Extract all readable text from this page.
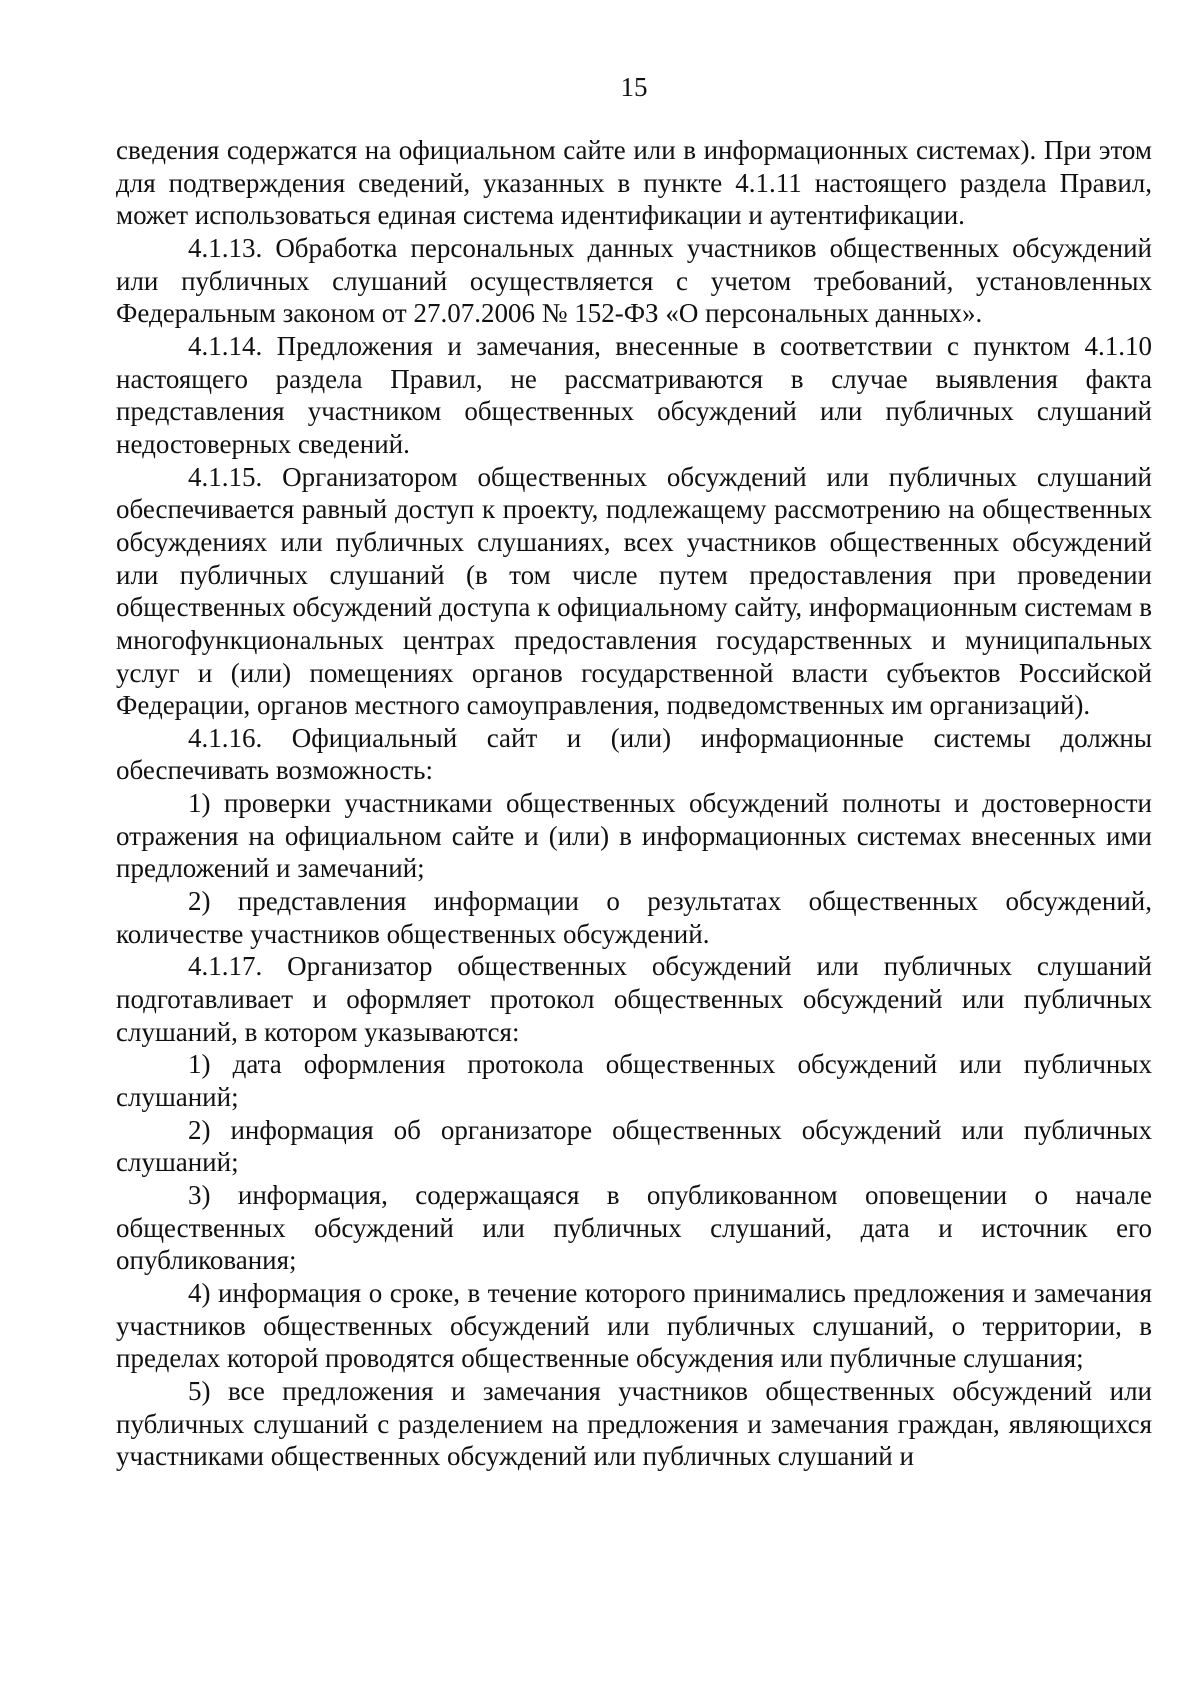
15

сведения содержатся на официальном сайте или в информационных системах). При этом для подтверждения сведений, указанных в пункте 4.1.11 настоящего раздела Правил, может использоваться единая система идентификации и аутентификации.

4.1.13. Обработка персональных данных участников общественных обсуждений или публичных слушаний осуществляется с учетом требований, установленных Федеральным законом от 27.07.2006 № 152-ФЗ «О персональных данных».

4.1.14. Предложения и замечания, внесенные в соответствии с пунктом 4.1.10 настоящего раздела Правил, не рассматриваются в случае выявления факта представления участником общественных обсуждений или публичных слушаний недостоверных сведений.

4.1.15. Организатором общественных обсуждений или публичных слушаний обеспечивается равный доступ к проекту, подлежащему рассмотрению на общественных обсуждениях или публичных слушаниях, всех участников общественных обсуждений или публичных слушаний (в том числе путем предоставления при проведении общественных обсуждений доступа к официальному сайту, информационным системам в многофункциональных центрах предоставления государственных и муниципальных услуг и (или) помещениях органов государственной власти субъектов Российской Федерации, органов местного самоуправления, подведомственных им организаций).

4.1.16. Официальный сайт и (или) информационные системы должны обеспечивать возможность:

1) проверки участниками общественных обсуждений полноты и достоверности отражения на официальном сайте и (или) в информационных системах внесенных ими предложений и замечаний;

2) представления информации о результатах общественных обсуждений, количестве участников общественных обсуждений.

4.1.17. Организатор общественных обсуждений или публичных слушаний подготавливает и оформляет протокол общественных обсуждений или публичных слушаний, в котором указываются:

1) дата оформления протокола общественных обсуждений или публичных слушаний;

2) информация об организаторе общественных обсуждений или публичных слушаний;

3) информация, содержащаяся в опубликованном оповещении о начале общественных обсуждений или публичных слушаний, дата и источник его опубликования;

4) информация о сроке, в течение которого принимались предложения и замечания участников общественных обсуждений или публичных слушаний, о территории, в пределах которой проводятся общественные обсуждения или публичные слушания;

5) все предложения и замечания участников общественных обсуждений или публичных слушаний с разделением на предложения и замечания граждан, являющихся участниками общественных обсуждений или публичных слушаний и
